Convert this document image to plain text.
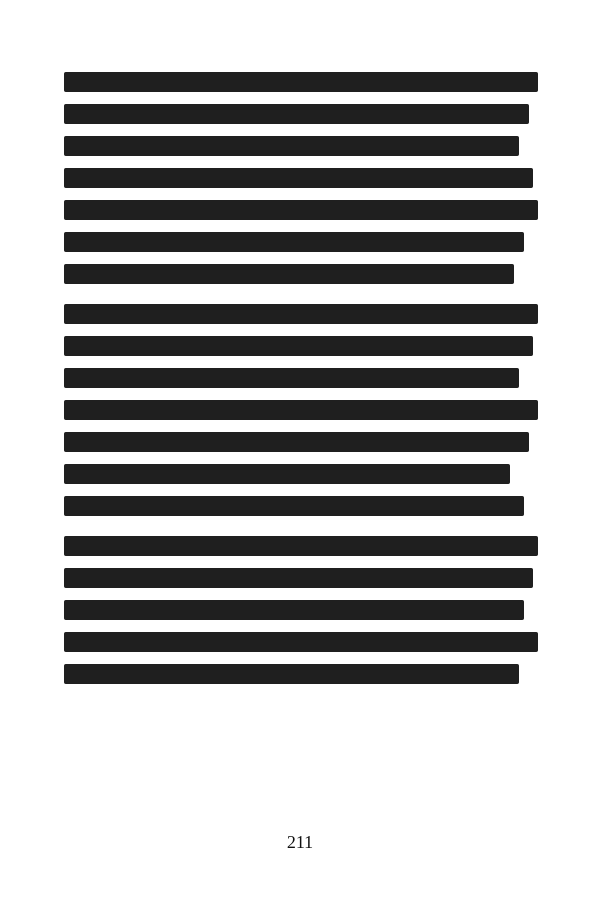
211
